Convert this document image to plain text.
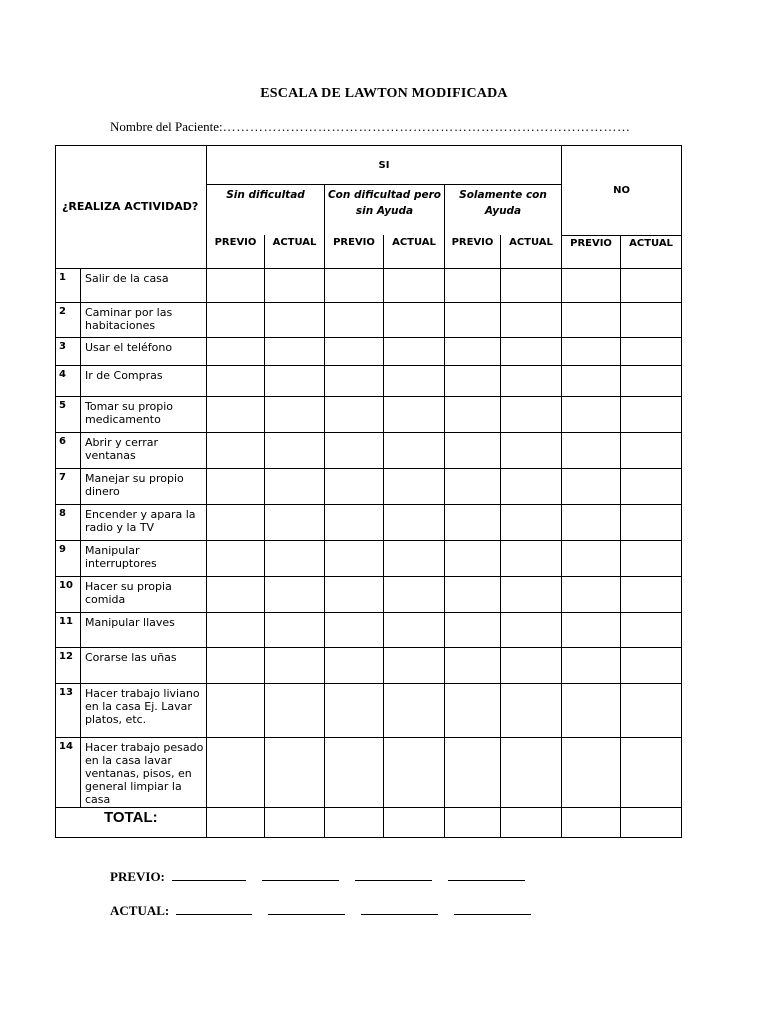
ESCALA DE LAWTON MODIFICADA
Nombre del Paciente:………………………………………………………………………………
¿REALIZA ACTIVIDAD?		SI						NO	
		Sin dificultad		Con dificultad pero sin Ayuda		Solamente con Ayuda			
		PREVIO	ACTUAL	PREVIO	ACTUAL	PREVIO	ACTUAL	PREVIO	ACTUAL
1	Salir de la casa								
2	Caminar por las habitaciones								
3	Usar el teléfono								
4	Ir de Compras								
5	Tomar su propio medicamento								
6	Abrir y cerrar ventanas								
7	Manejar su propio dinero								
8	Encender y apara la radio y la TV								
9	Manipular interruptores								
10	Hacer su propia comida								
11	Manipular llaves								
12	Corarse las uñas								
13	Hacer trabajo liviano en la casa Ej. Lavar platos, etc.								
14	Hacer trabajo pesado en la casa lavar ventanas, pisos, en general limpiar la casa								
TOTAL:									
PREVIO:
ACTUAL:
